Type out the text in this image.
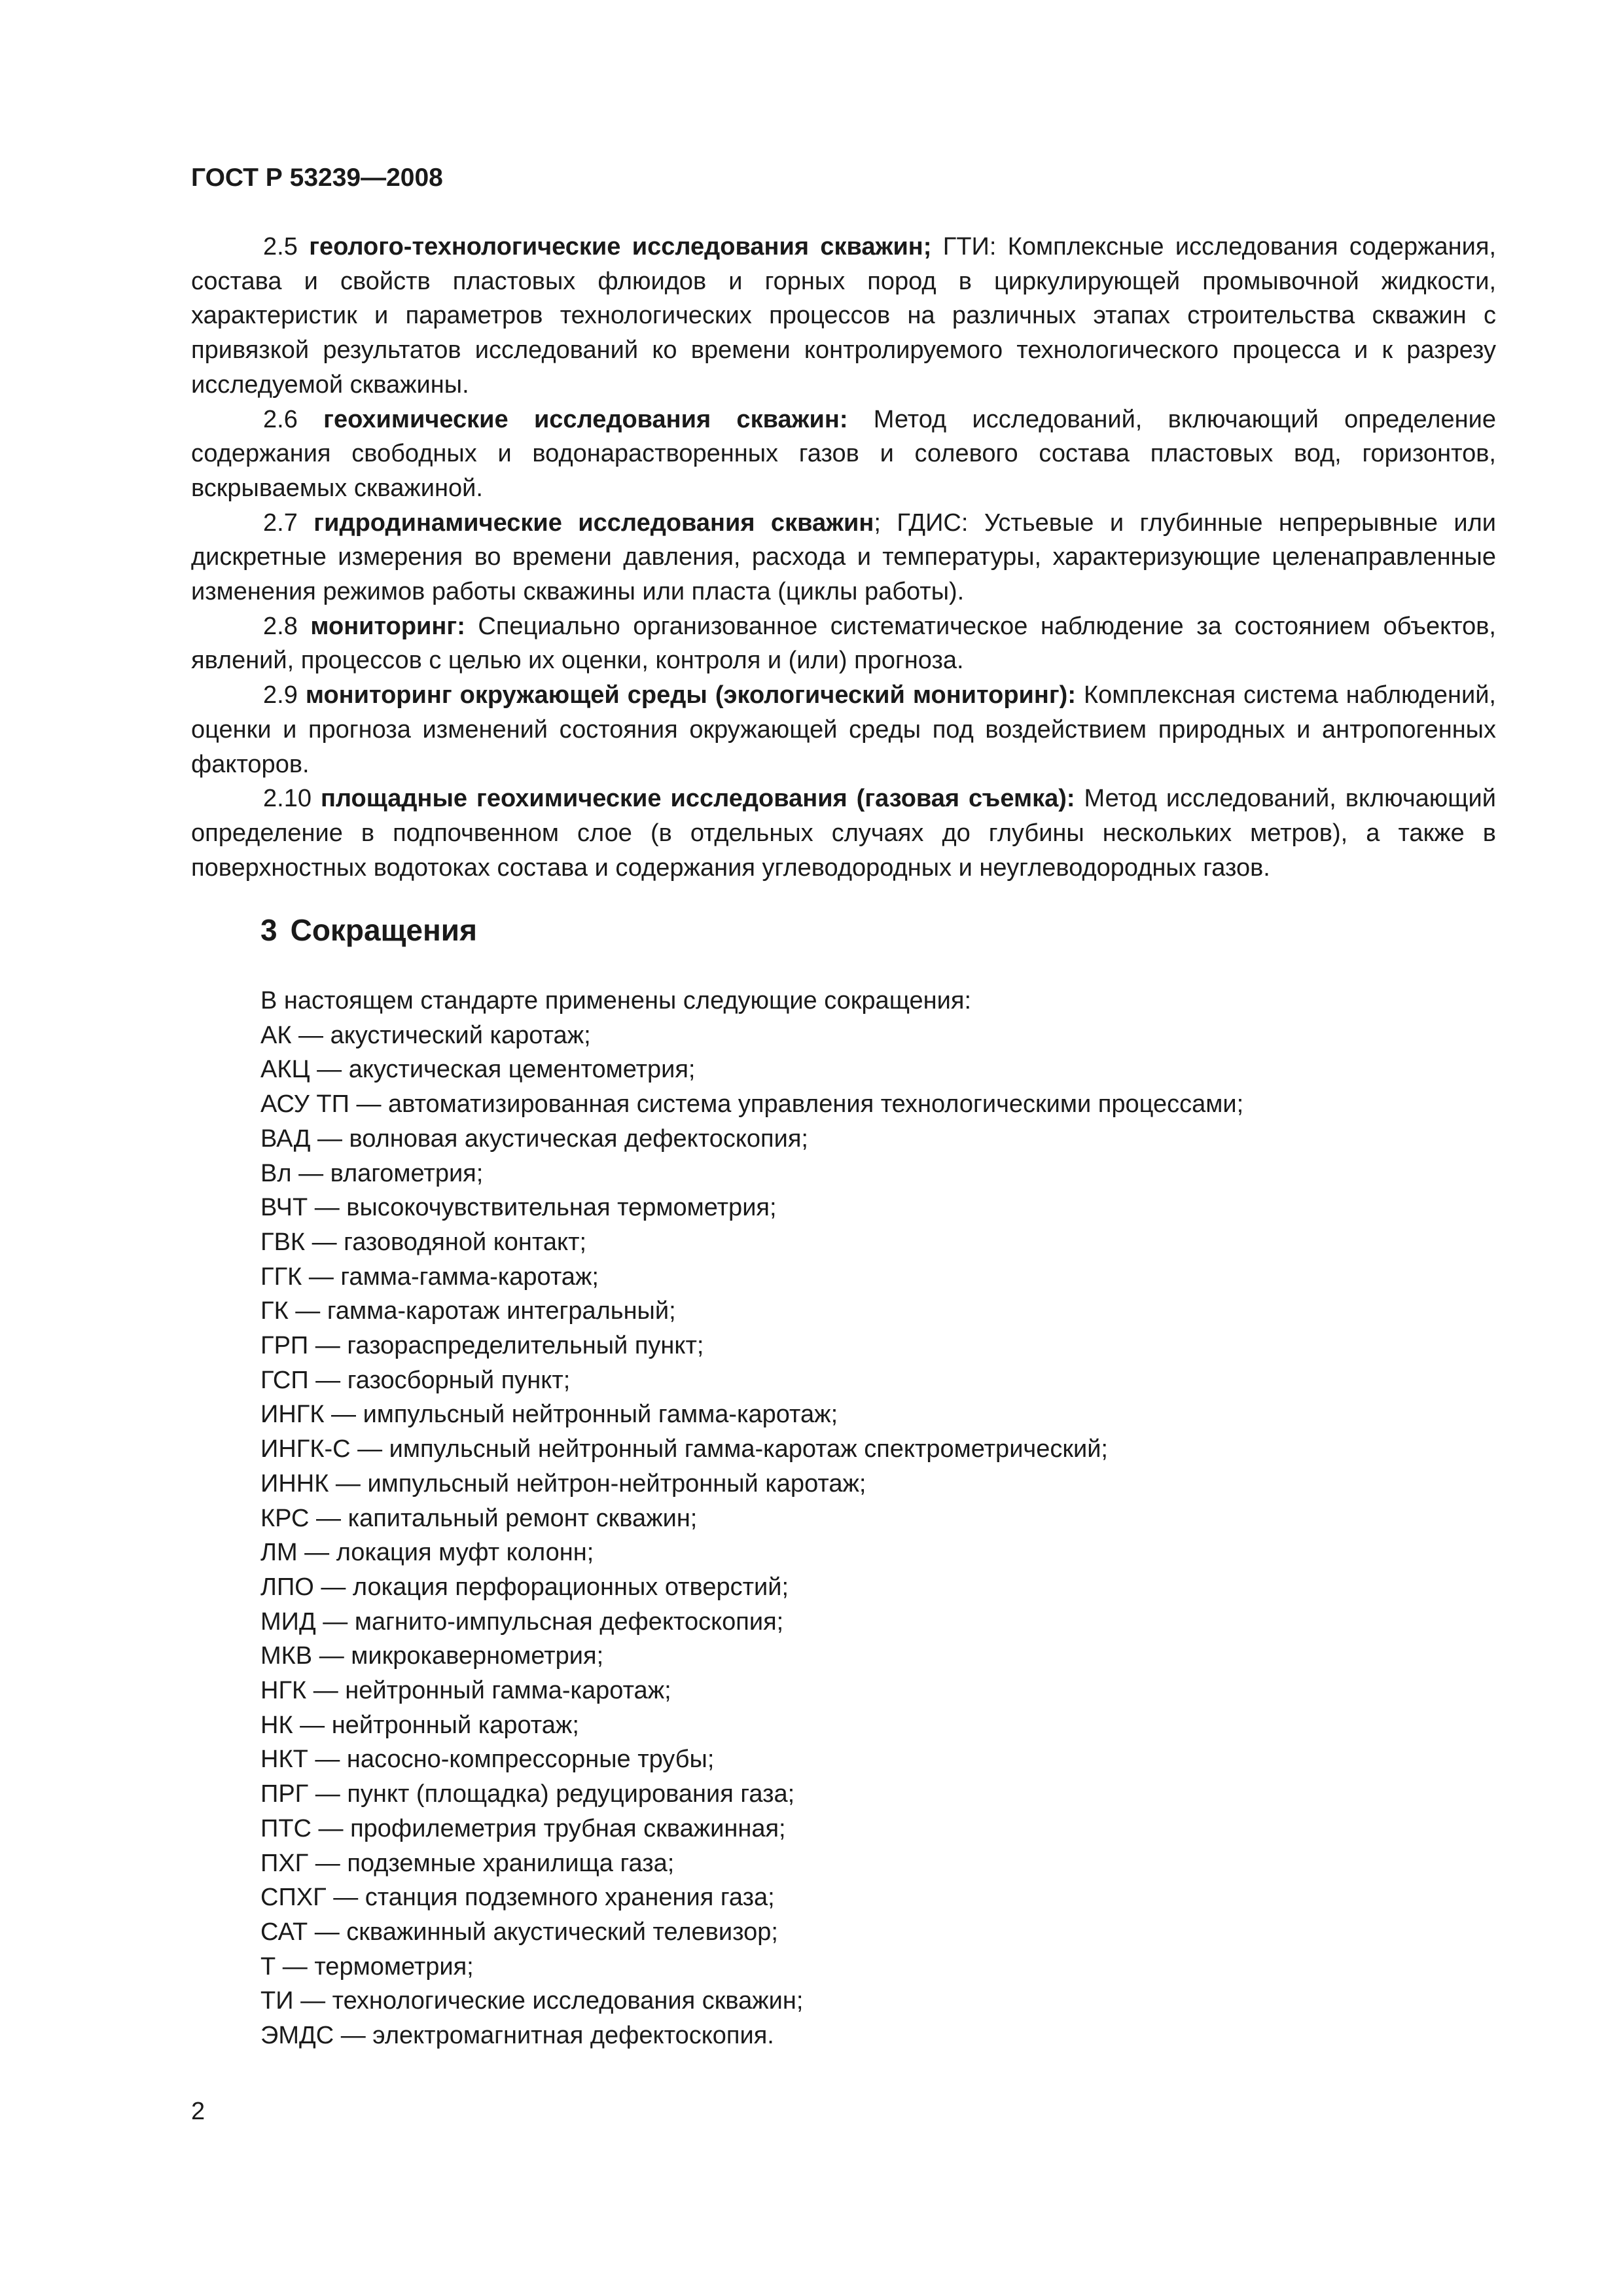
ГОСТ Р 53239—2008

2.5 геолого-технологические исследования скважин; ГТИ: Комплексные исследования содержания, состава и свойств пластовых флюидов и горных пород в циркулирующей промывочной жидкости, характеристик и параметров технологических процессов на различных этапах строительства скважин с привязкой результатов исследований ко времени контролируемого технологического процесса и к разрезу исследуемой скважины.

2.6 геохимические исследования скважин: Метод исследований, включающий определение содержания свободных и водонарастворенных газов и солевого состава пластовых вод, горизонтов, вскрываемых скважиной.

2.7 гидродинамические исследования скважин; ГДИС: Устьевые и глубинные непрерывные или дискретные измерения во времени давления, расхода и температуры, характеризующие целенаправленные изменения режимов работы скважины или пласта (циклы работы).

2.8 мониторинг: Специально организованное систематическое наблюдение за состоянием объектов, явлений, процессов с целью их оценки, контроля и (или) прогноза.

2.9 мониторинг окружающей среды (экологический мониторинг): Комплексная система наблюдений, оценки и прогноза изменений состояния окружающей среды под воздействием природных и антропогенных факторов.

2.10 площадные геохимические исследования (газовая съемка): Метод исследований, включающий определение в подпочвенном слое (в отдельных случаях до глубины нескольких метров), а также в поверхностных водотоках состава и содержания углеводородных и неуглеводородных газов.

3 Сокращения

В настоящем стандарте применены следующие сокращения:

АК — акустический каротаж;
АКЦ — акустическая цементометрия;
АСУ ТП — автоматизированная система управления технологическими процессами;
ВАД — волновая акустическая дефектоскопия;
Вл — влагометрия;
ВЧТ — высокочувствительная термометрия;
ГВК — газоводяной контакт;
ГГК — гамма-гамма-каротаж;
ГК — гамма-каротаж интегральный;
ГРП — газораспределительный пункт;
ГСП — газосборный пункт;
ИНГК — импульсный нейтронный гамма-каротаж;
ИНГК-С — импульсный нейтронный гамма-каротаж спектрометрический;
ИННК — импульсный нейтрон-нейтронный каротаж;
КРС — капитальный ремонт скважин;
ЛМ — локация муфт колонн;
ЛПО — локация перфорационных отверстий;
МИД — магнито-импульсная дефектоскопия;
МКВ — микрокавернометрия;
НГК — нейтронный гамма-каротаж;
НК — нейтронный каротаж;
НКТ — насосно-компрессорные трубы;
ПРГ — пункт (площадка) редуцирования газа;
ПТС — профилеметрия трубная скважинная;
ПХГ — подземные хранилища газа;
СПХГ — станция подземного хранения газа;
САТ — скважинный акустический телевизор;
Т — термометрия;
ТИ — технологические исследования скважин;
ЭМДС — электромагнитная дефектоскопия.
2
